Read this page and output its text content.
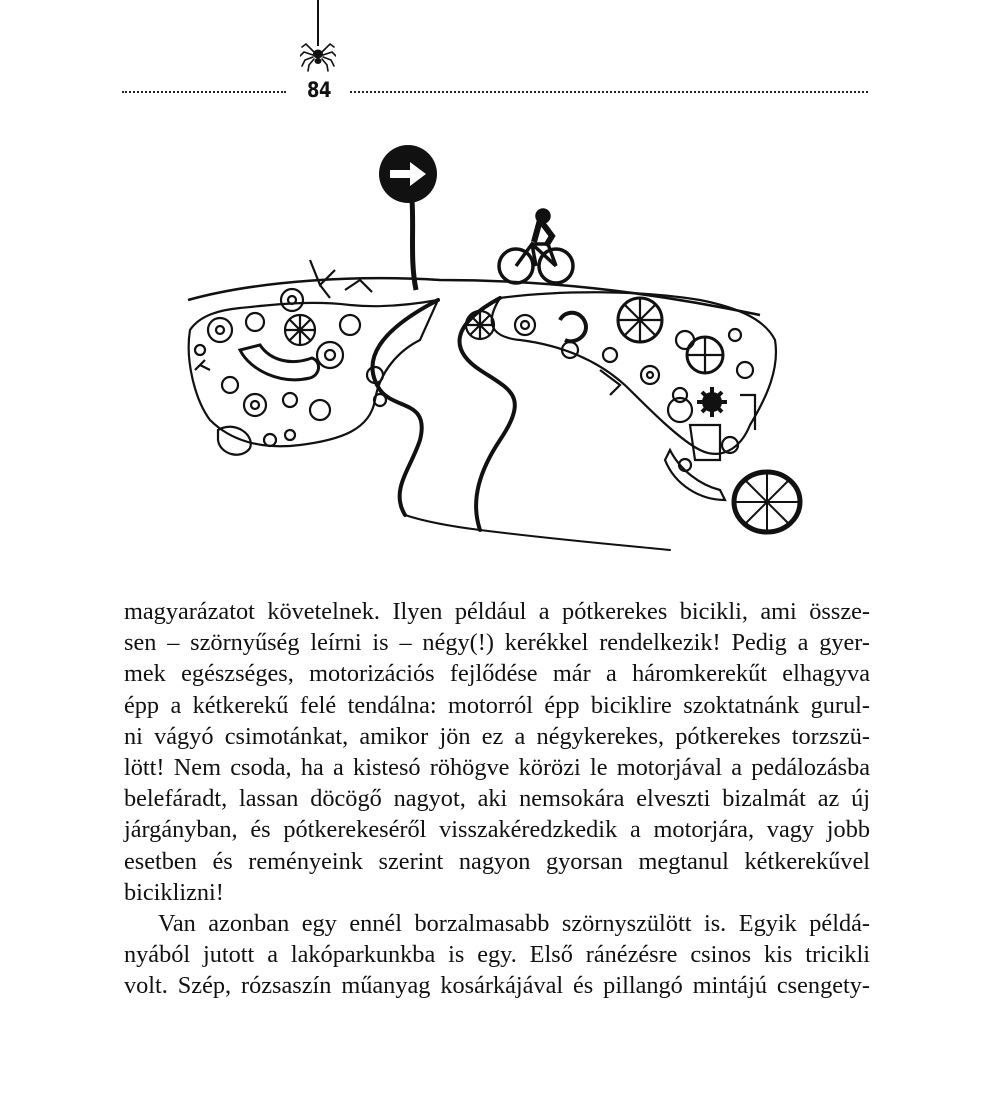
84
magyarázatot követelnek. Ilyen például a pótkerekes bicikli, ami össze-
sen – szörnyűség leírni is – négy(!) kerékkel rendelkezik! Pedig a gyer-
mek egészséges, motorizációs fejlődése már a háromkerekűt elhagyva
épp a kétkerekű felé tendálna: motorról épp biciklire szoktatnánk gurul-
ni vágyó csimotánkat, amikor jön ez a négykerekes, pótkerekes torzszü-
lött! Nem csoda, ha a kistesó röhögve körözi le motorjával a pedálozásba
belefáradt, lassan döcögő nagyot, aki nemsokára elveszti bizalmát az új
járgányban, és pótkerekeséről visszakéredzkedik a motorjára, vagy jobb
esetben és reményeink szerint nagyon gyorsan megtanul kétkerekűvel
biciklizni!
Van azonban egy ennél borzalmasabb szörnyszülött is. Egyik példá-
nyából jutott a lakóparkunkba is egy. Első ránézésre csinos kis tricikli
volt. Szép, rózsaszín műanyag kosárkájával és pillangó mintájú csengety-
